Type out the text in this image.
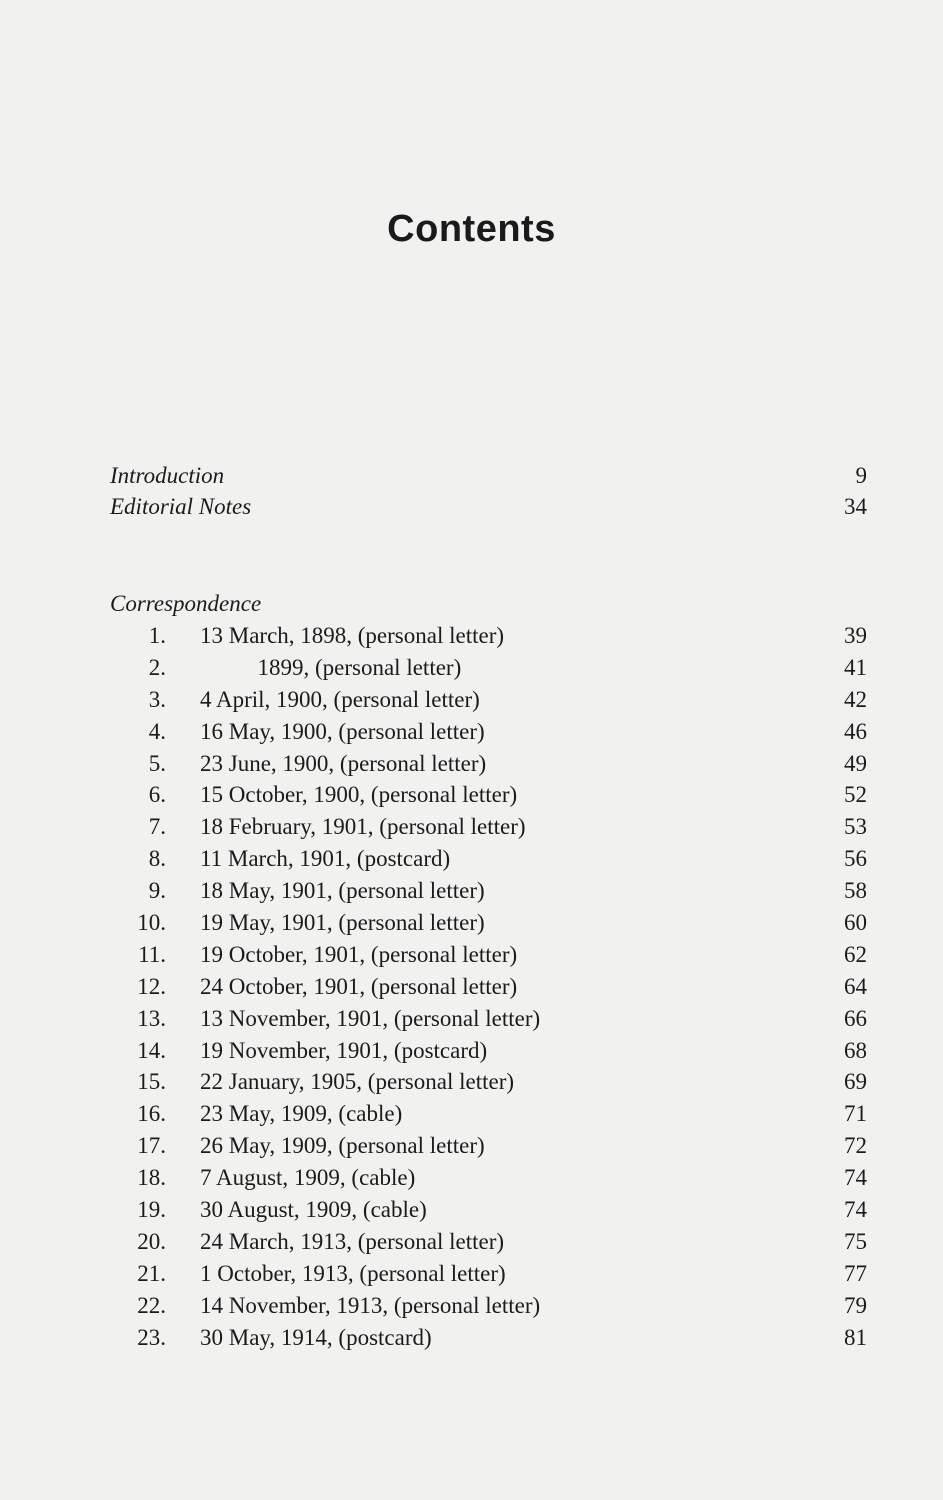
Contents
Introduction	9
Editorial Notes	34
Correspondence
1. 13 March, 1898, (personal letter)	39
2. 1899, (personal letter)	41
3. 4 April, 1900, (personal letter)	42
4. 16 May, 1900, (personal letter)	46
5. 23 June, 1900, (personal letter)	49
6. 15 October, 1900, (personal letter)	52
7. 18 February, 1901, (personal letter)	53
8. 11 March, 1901, (postcard)	56
9. 18 May, 1901, (personal letter)	58
10. 19 May, 1901, (personal letter)	60
11. 19 October, 1901, (personal letter)	62
12. 24 October, 1901, (personal letter)	64
13. 13 November, 1901, (personal letter)	66
14. 19 November, 1901, (postcard)	68
15. 22 January, 1905, (personal letter)	69
16. 23 May, 1909, (cable)	71
17. 26 May, 1909, (personal letter)	72
18. 7 August, 1909, (cable)	74
19. 30 August, 1909, (cable)	74
20. 24 March, 1913, (personal letter)	75
21. 1 October, 1913, (personal letter)	77
22. 14 November, 1913, (personal letter)	79
23. 30 May, 1914, (postcard)	81
